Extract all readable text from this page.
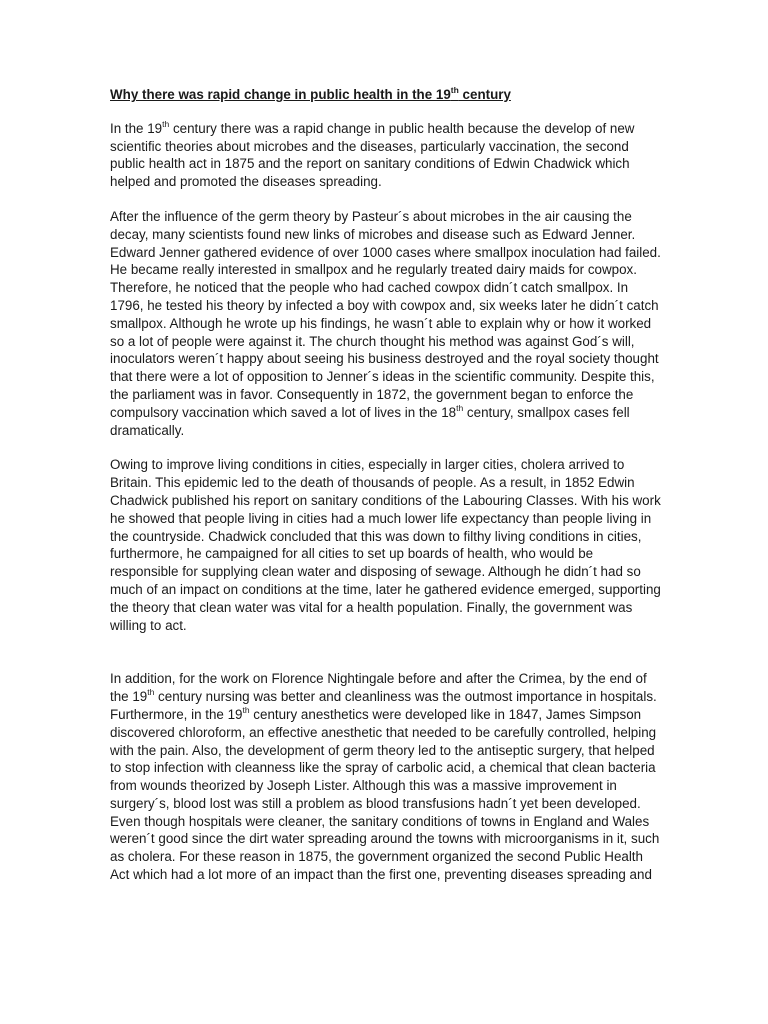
Why there was rapid change in public health in the 19th century

In the 19th century there was a rapid change in public health because the develop of new scientific theories about microbes and the diseases, particularly vaccination, the second public health act in 1875 and the report on sanitary conditions of Edwin Chadwick which helped and promoted the diseases spreading.

After the influence of the germ theory by Pasteur´s about microbes in the air causing the decay, many scientists found new links of microbes and disease such as Edward Jenner. Edward Jenner gathered evidence of over 1000 cases where smallpox inoculation had failed. He became really interested in smallpox and he regularly treated dairy maids for cowpox. Therefore, he noticed that the people who had cached cowpox didn´t catch smallpox. In 1796, he tested his theory by infected a boy with cowpox and, six weeks later he didn´t catch smallpox. Although he wrote up his findings, he wasn´t able to explain why or how it worked so a lot of people were against it. The church thought his method was against God´s will, inoculators weren´t happy about seeing his business destroyed and the royal society thought that there were a lot of opposition to Jenner´s ideas in the scientific community. Despite this, the parliament was in favor. Consequently in 1872, the government began to enforce the compulsory vaccination which saved a lot of lives in the 18th century, smallpox cases fell dramatically.

Owing to improve living conditions in cities, especially in larger cities, cholera arrived to Britain. This epidemic led to the death of thousands of people. As a result, in 1852 Edwin Chadwick published his report on sanitary conditions of the Labouring Classes. With his work he showed that people living in cities had a much lower life expectancy than people living in the countryside. Chadwick concluded that this was down to filthy living conditions in cities, furthermore, he campaigned for all cities to set up boards of health, who would be responsible for supplying clean water and disposing of sewage. Although he didn´t had so much of an impact on conditions at the time, later he gathered evidence emerged, supporting the theory that clean water was vital for a health population. Finally, the government was willing to act.

In addition, for the work on Florence Nightingale before and after the Crimea, by the end of the 19th century nursing was better and cleanliness was the outmost importance in hospitals. Furthermore, in the 19th century anesthetics were developed like in 1847, James Simpson discovered chloroform, an effective anesthetic that needed to be carefully controlled, helping with the pain. Also, the development of germ theory led to the antiseptic surgery, that helped to stop infection with cleanness like the spray of carbolic acid, a chemical that clean bacteria from wounds theorized by Joseph Lister. Although this was a massive improvement in surgery´s, blood lost was still a problem as blood transfusions hadn´t yet been developed. Even though hospitals were cleaner, the sanitary conditions of towns in England and Wales weren´t good since the dirt water spreading around the towns with microorganisms in it, such as cholera. For these reason in 1875, the government organized the second Public Health Act which had a lot more of an impact than the first one, preventing diseases spreading and
